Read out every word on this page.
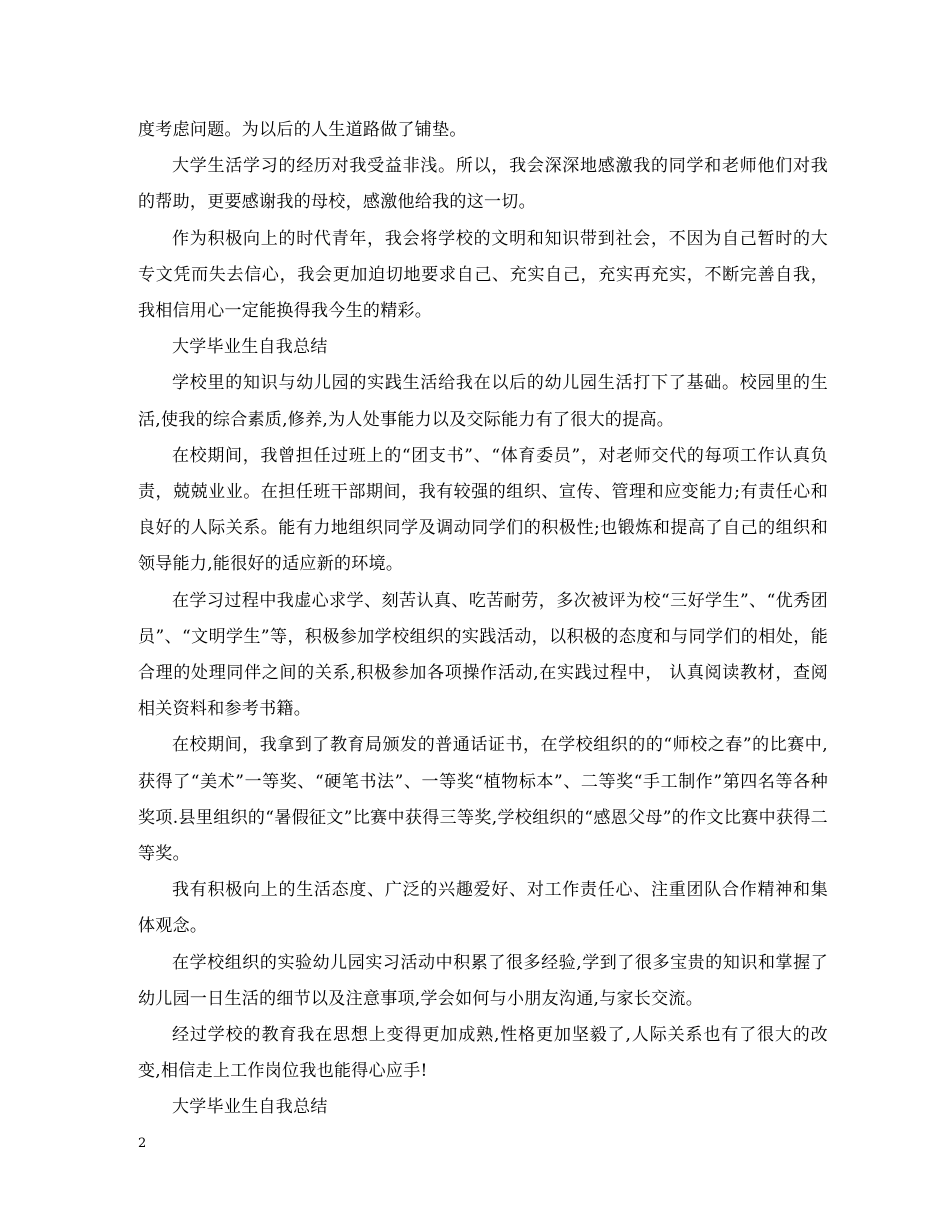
度考虑问题。为以后的人生道路做了铺垫。

大学生活学习的经历对我受益非浅。所以，我会深深地感激我的同学和老师他们对我的帮助，更要感谢我的母校，感激他给我的这一切。

作为积极向上的时代青年，我会将学校的文明和知识带到社会，不因为自己暂时的大专文凭而失去信心，我会更加迫切地要求自己、充实自己，充实再充实，不断完善自我，我相信用心一定能换得我今生的精彩。

大学毕业生自我总结

学校里的知识与幼儿园的实践生活给我在以后的幼儿园生活打下了基础。校园里的生活,使我的综合素质,修养,为人处事能力以及交际能力有了很大的提高。

在校期间，我曾担任过班上的“团支书”、“体育委员”，对老师交代的每项工作认真负责，兢兢业业。在担任班干部期间，我有较强的组织、宣传、管理和应变能力;有责任心和良好的人际关系。能有力地组织同学及调动同学们的积极性;也锻炼和提高了自己的组织和领导能力,能很好的适应新的环境。

在学习过程中我虚心求学、刻苦认真、吃苦耐劳，多次被评为校“三好学生”、“优秀团员”、“文明学生”等，积极参加学校组织的实践活动，以积极的态度和与同学们的相处，能合理的处理同伴之间的关系,积极参加各项操作活动,在实践过程中， 认真阅读教材，查阅相关资料和参考书籍。

在校期间，我拿到了教育局颁发的普通话证书，在学校组织的的“师校之春”的比赛中,获得了“美术”一等奖、“硬笔书法”、一等奖“植物标本”、二等奖“手工制作”第四名等各种奖项.县里组织的“暑假征文”比赛中获得三等奖,学校组织的“感恩父母”的作文比赛中获得二等奖。

我有积极向上的生活态度、广泛的兴趣爱好、对工作责任心、注重团队合作精神和集体观念。

在学校组织的实验幼儿园实习活动中积累了很多经验,学到了很多宝贵的知识和掌握了幼儿园一日生活的细节以及注意事项,学会如何与小朋友沟通,与家长交流。

经过学校的教育我在思想上变得更加成熟,性格更加坚毅了,人际关系也有了很大的改变,相信走上工作岗位我也能得心应手!

大学毕业生自我总结

2
